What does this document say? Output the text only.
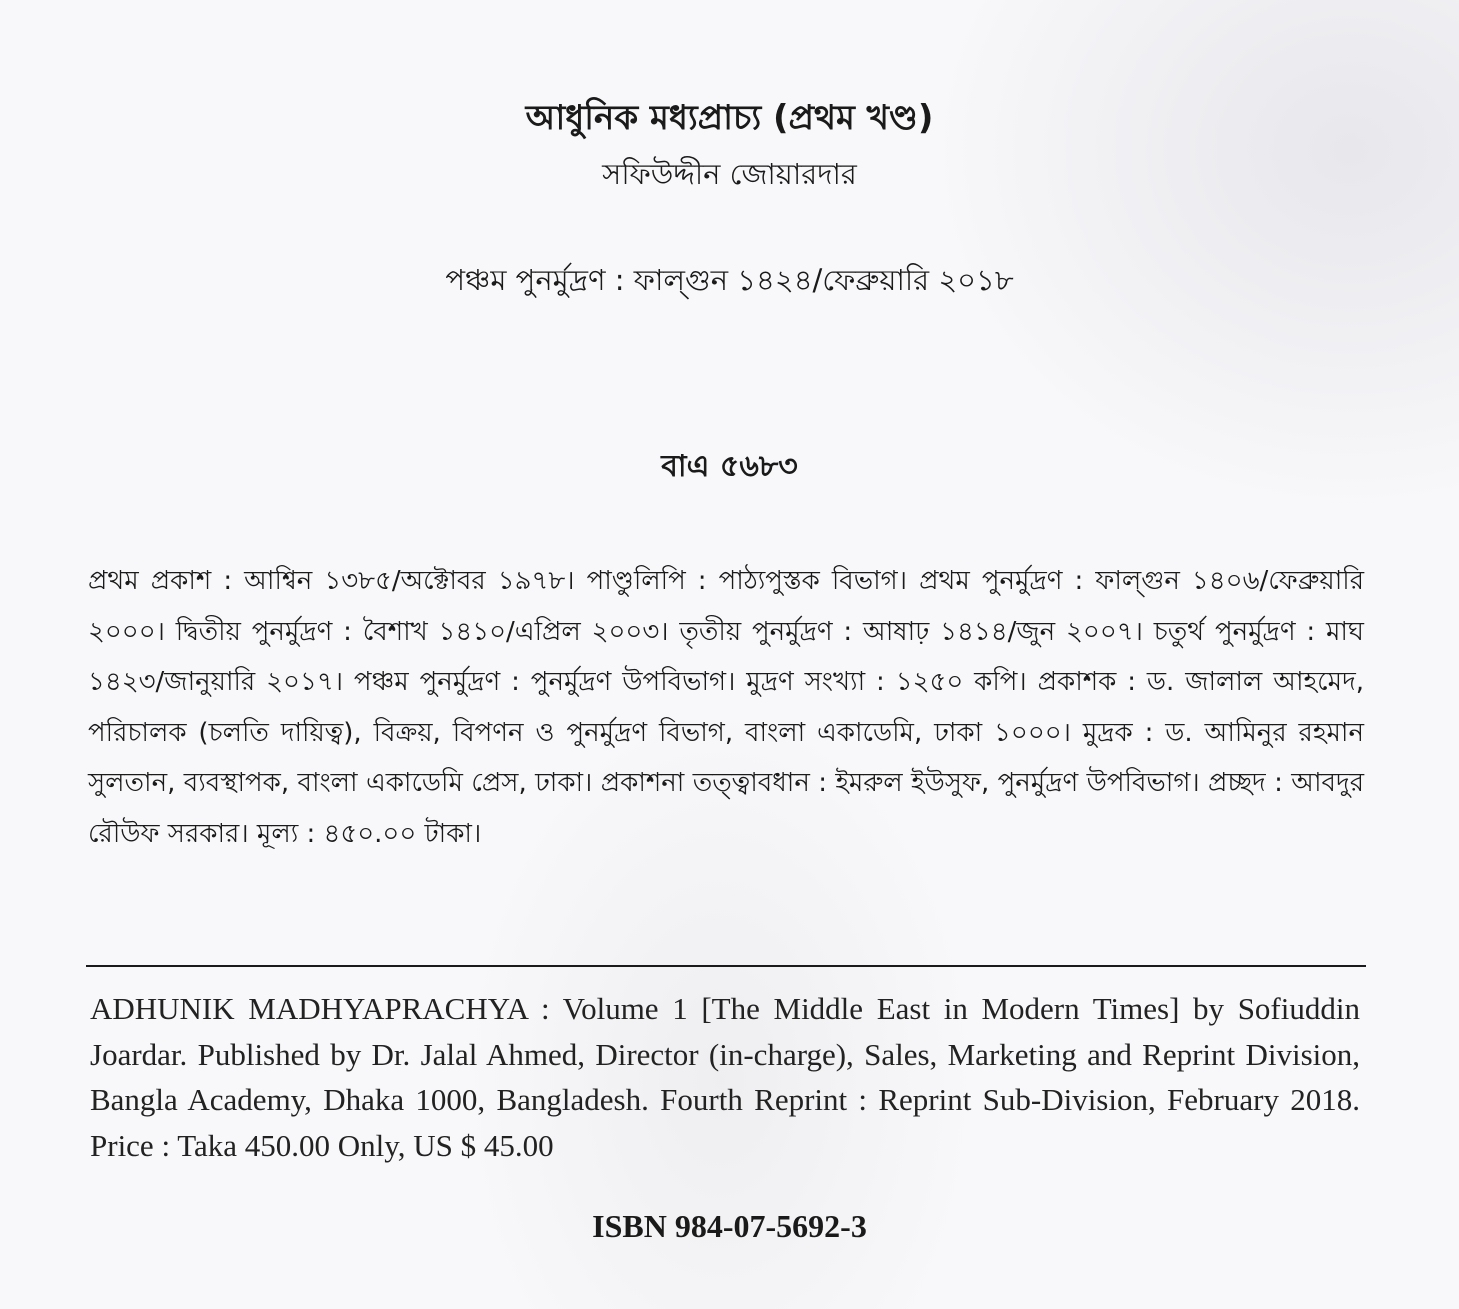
আধুনিক মধ্যপ্রাচ্য (প্রথম খণ্ড)
সফিউদ্দীন জোয়ারদার
পঞ্চম পুনর্মুদ্রণ : ফাল্গুন ১৪২৪/ফেব্রুয়ারি ২০১৮
বাএ ৫৬৮৩

প্রথম প্রকাশ : আশ্বিন ১৩৮৫/অক্টোবর ১৯৭৮। পাণ্ডুলিপি : পাঠ্যপুস্তক বিভাগ। প্রথম পুনর্মুদ্রণ : ফাল্গুন ১৪০৬/ফেব্রুয়ারি ২০০০। দ্বিতীয় পুনর্মুদ্রণ : বৈশাখ ১৪১০/এপ্রিল ২০০৩। তৃতীয় পুনর্মুদ্রণ : আষাঢ় ১৪১৪/জুন ২০০৭। চতুর্থ পুনর্মুদ্রণ : মাঘ ১৪২৩/জানুয়ারি ২০১৭। পঞ্চম পুনর্মুদ্রণ : পুনর্মুদ্রণ উপবিভাগ। মুদ্রণ সংখ্যা : ১২৫০ কপি। প্রকাশক : ড. জালাল আহমেদ, পরিচালক (চলতি দায়িত্ব), বিক্রয়, বিপণন ও পুনর্মুদ্রণ বিভাগ, বাংলা একাডেমি, ঢাকা ১০০০। মুদ্রক : ড. আমিনুর রহমান সুলতান, ব্যবস্থাপক, বাংলা একাডেমি প্রেস, ঢাকা। প্রকাশনা তত্ত্বাবধান : ইমরুল ইউসুফ, পুনর্মুদ্রণ উপবিভাগ। প্রচ্ছদ : আবদুর রৌউফ সরকার। মূল্য : ৪৫০.০০ টাকা।

ADHUNIK MADHYAPRACHYA : Volume 1 [The Middle East in Modern Times] by Sofiuddin Joardar. Published by Dr. Jalal Ahmed, Director (in-charge), Sales, Marketing and Reprint Division, Bangla Academy, Dhaka 1000, Bangladesh. Fourth Reprint : Reprint Sub-Division, February 2018. Price : Taka 450.00 Only, US $ 45.00

ISBN 984-07-5692-3
